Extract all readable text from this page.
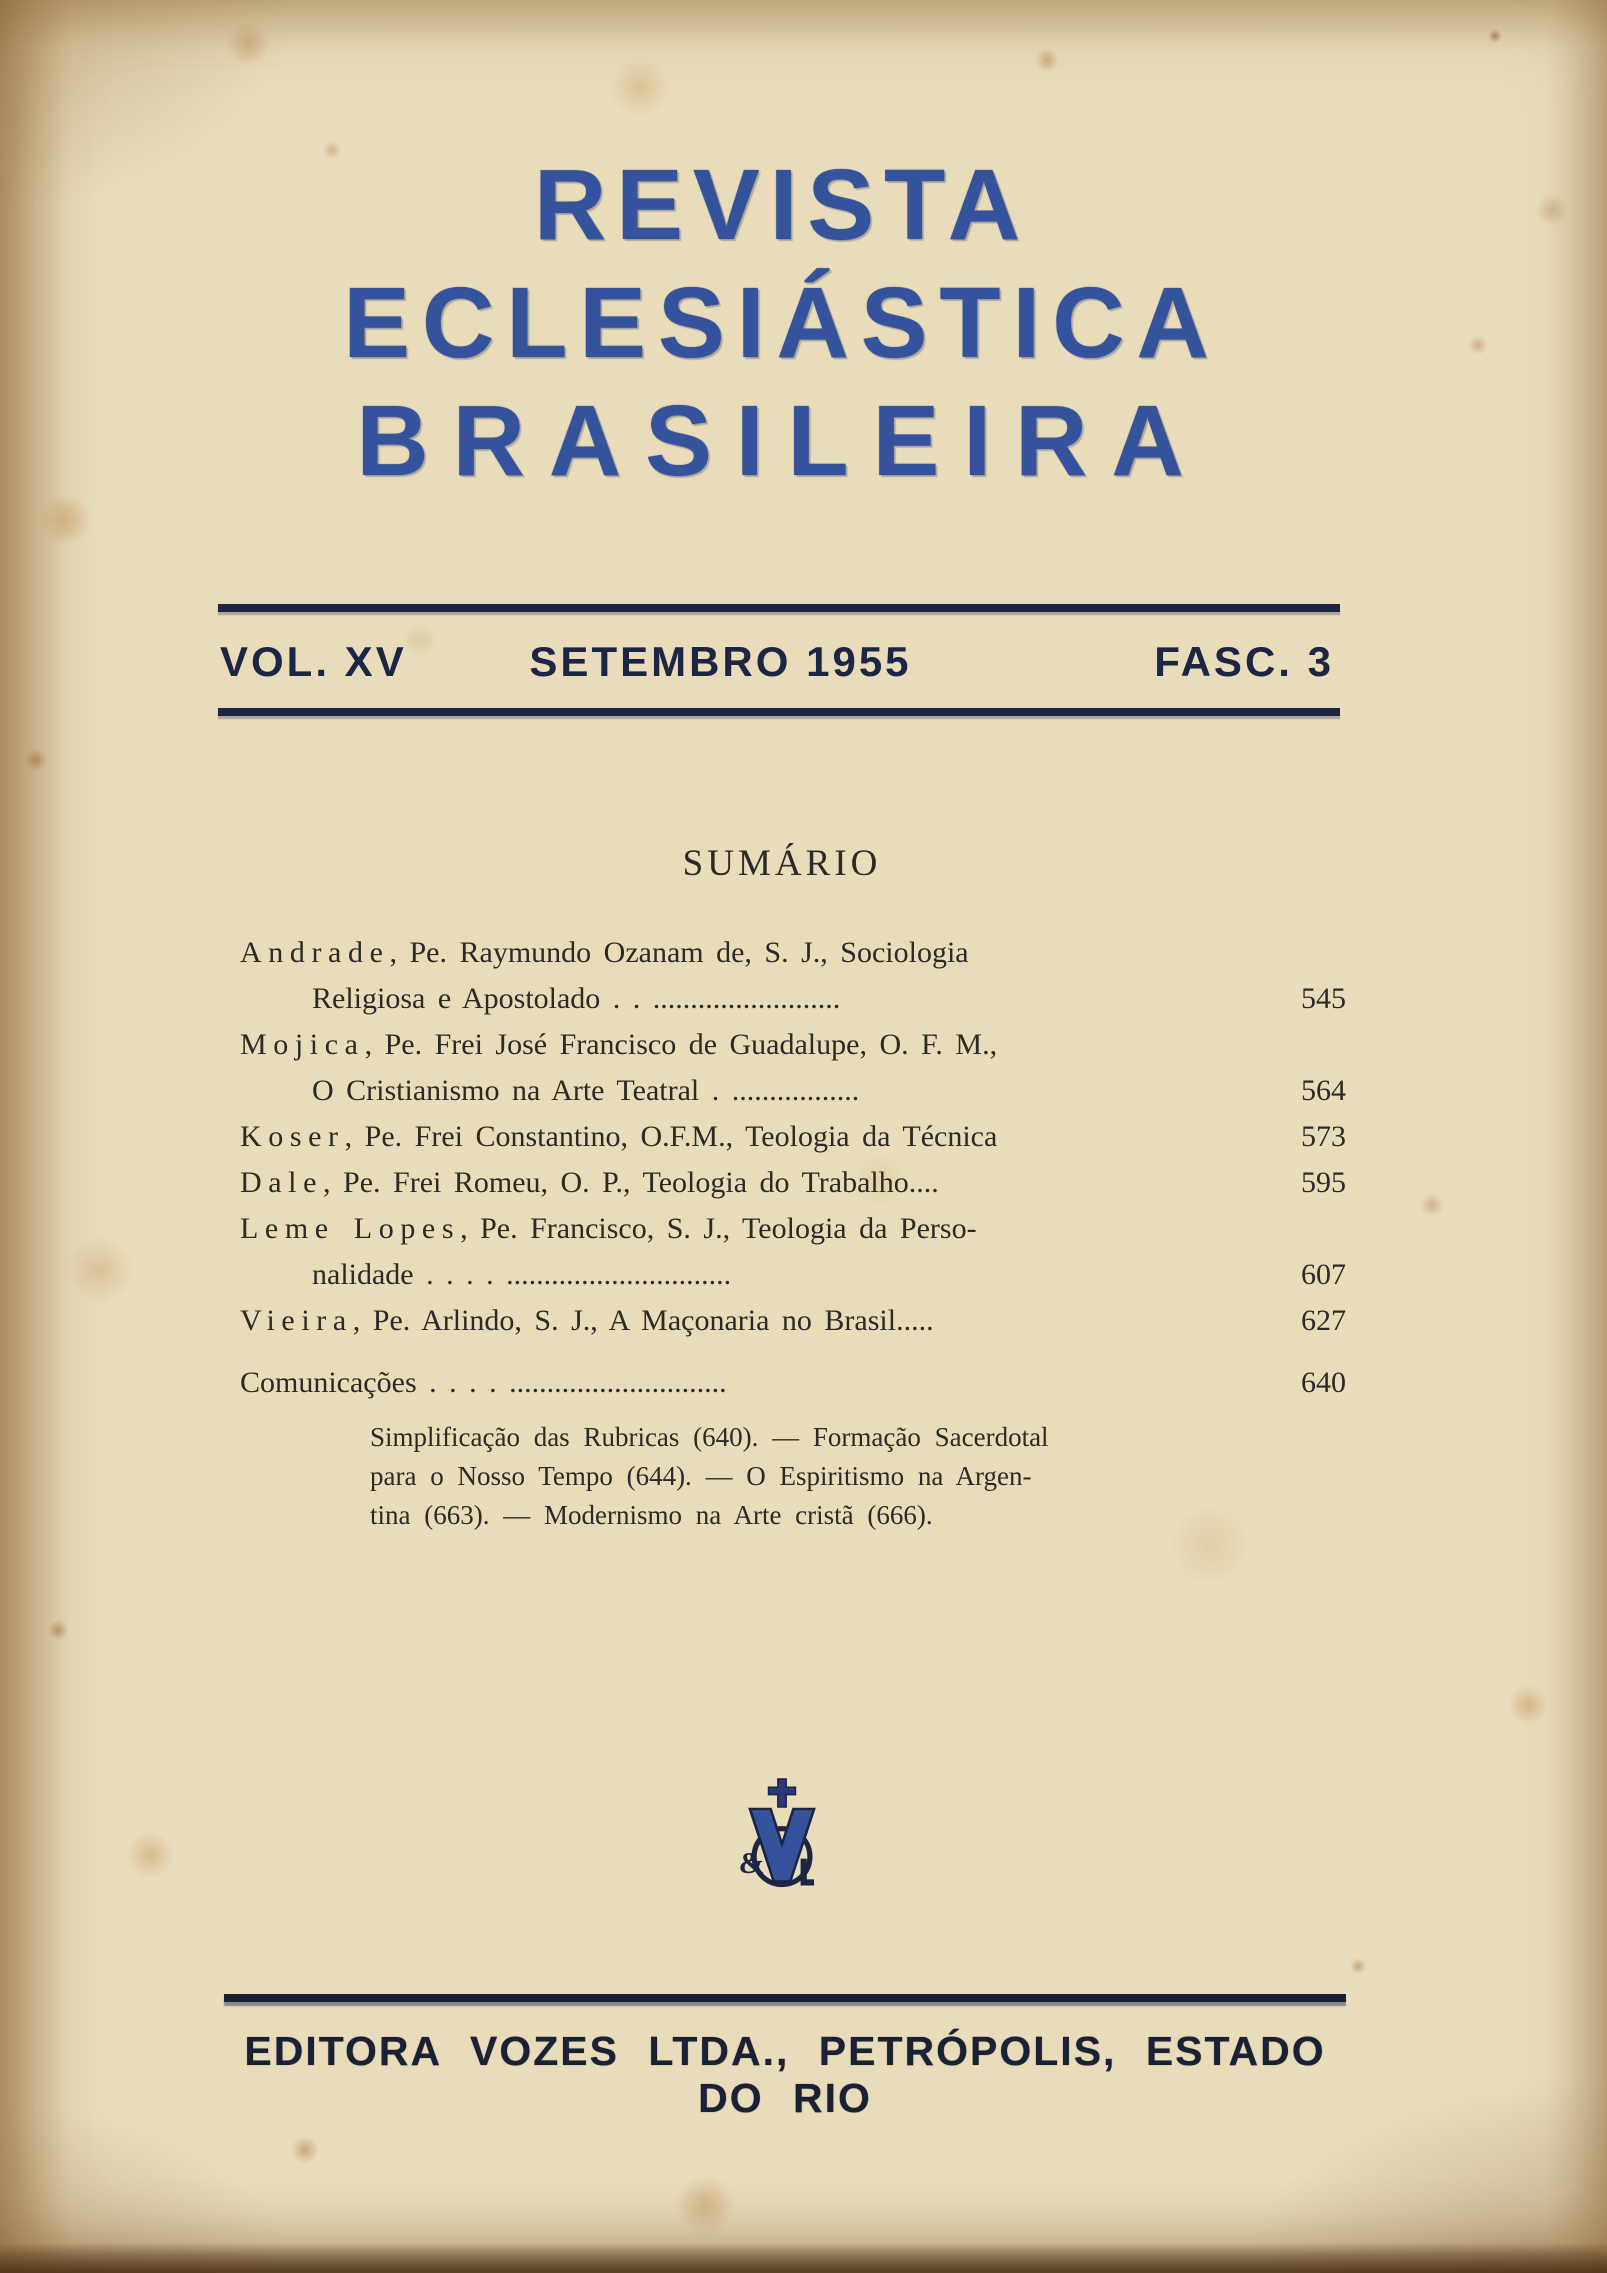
REVISTA
ECLESIÁSTICA
BRASILEIRA
VOL. XV	SETEMBRO 1955	FASC. 3
SUMÁRIO
Andrade , Pe. Raymundo Ozanam de, S. J., Sociologia
Religiosa e Apostolado . . .........................	545
Mojica , Pe. Frei José Francisco de Guadalupe, O. F. M.,
O Cristianismo na Arte Teatral . .................	564
Koser , Pe. Frei Constantino, O.F.M., Teologia da Técnica	573
Dale , Pe. Frei Romeu, O. P., Teologia do Trabalho....	595
Leme Lopes , Pe. Francisco, S. J., Teologia da Perso-
nalidade . . . . ..............................	607
Vieira , Pe. Arlindo, S. J., A Maçonaria no Brasil.....	627
Comunicações . . . . .............................	640
Simplificação das Rubricas (640). — Formação Sacerdotal
para o Nosso Tempo (644). — O Espiritismo na Argen-
tina (663). — Modernismo na Arte cristã (666).
&
EDITORA VOZES LTDA., PETRÓPOLIS, ESTADO DO RIO
